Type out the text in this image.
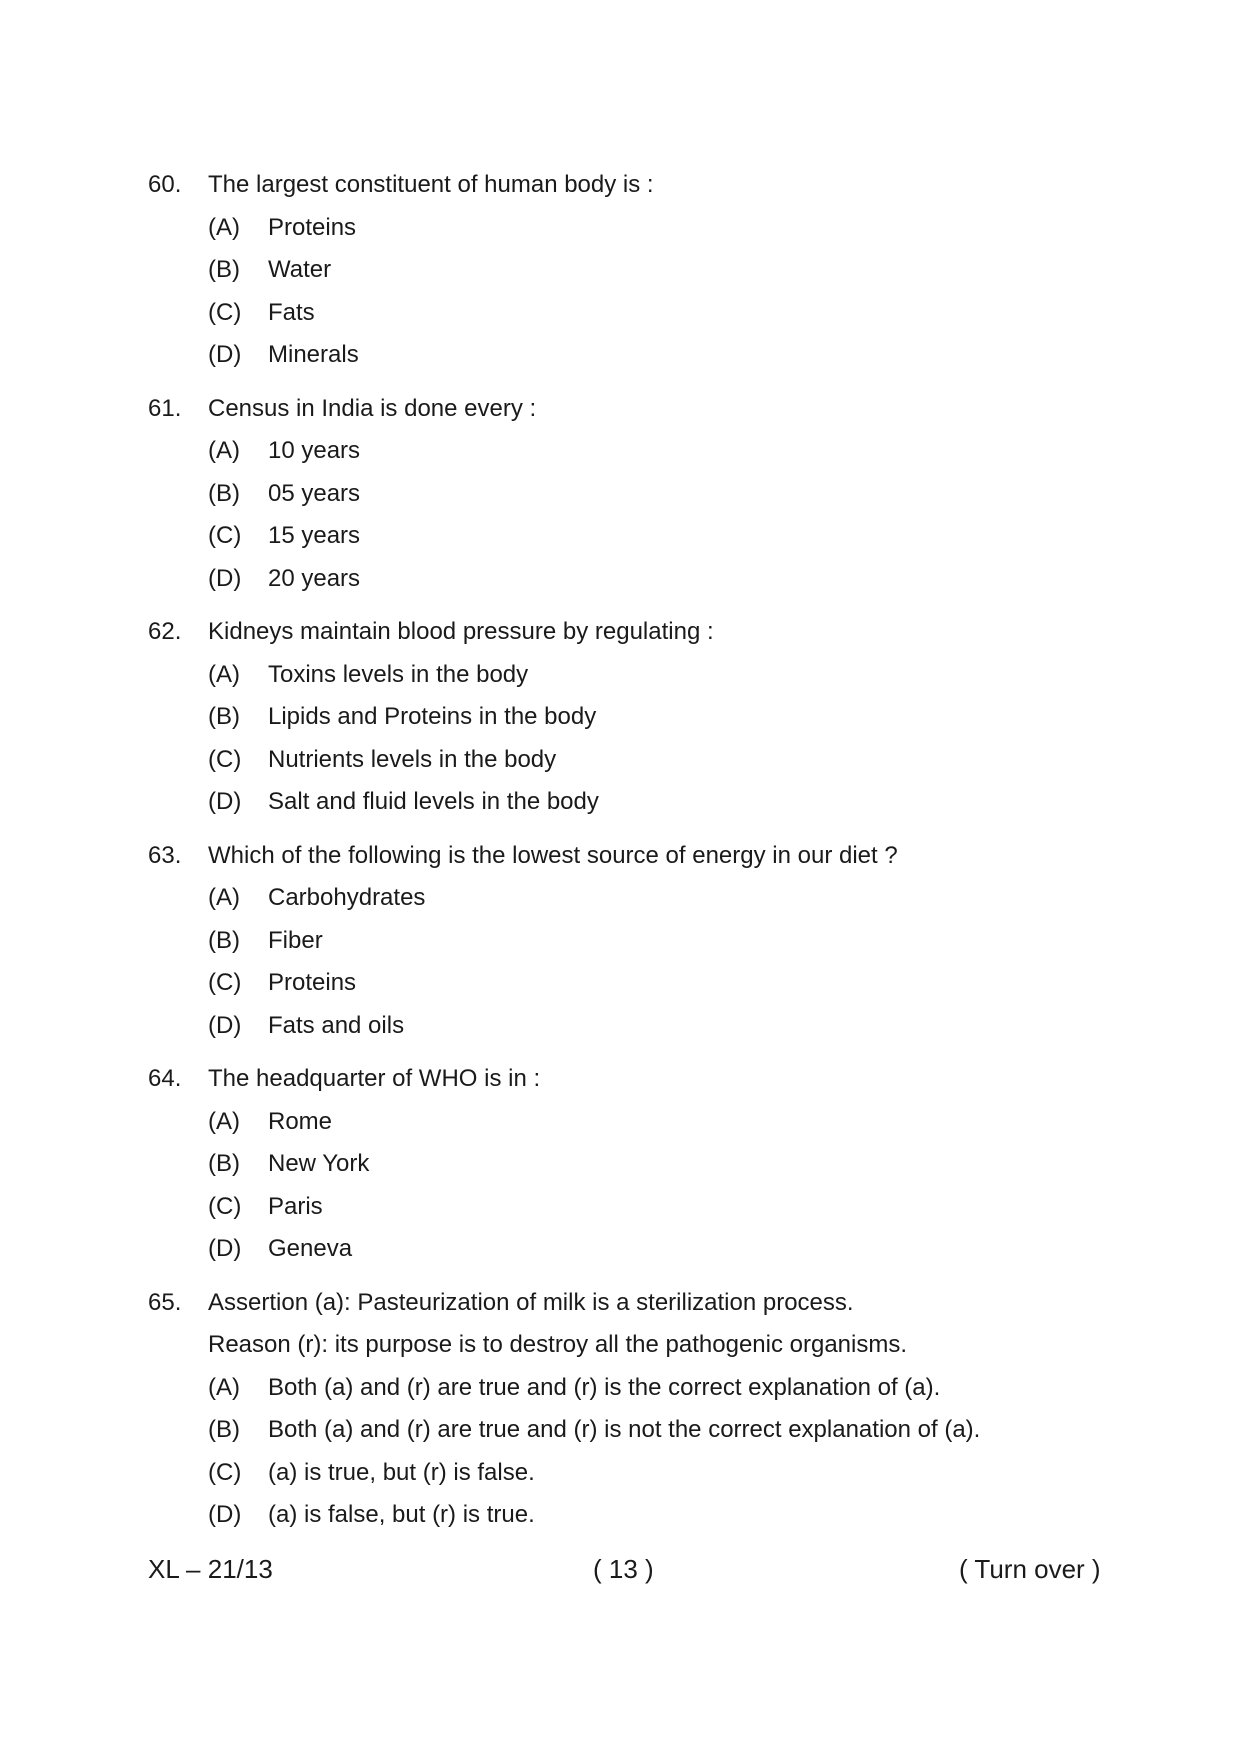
60. The largest constituent of human body is :
(A) Proteins
(B) Water
(C) Fats
(D) Minerals
61. Census in India is done every :
(A) 10 years
(B) 05 years
(C) 15 years
(D) 20 years
62. Kidneys maintain blood pressure by regulating :
(A) Toxins levels in the body
(B) Lipids and Proteins in the body
(C) Nutrients levels in the body
(D) Salt and fluid levels in the body
63. Which of the following is the lowest source of energy in our diet ?
(A) Carbohydrates
(B) Fiber
(C) Proteins
(D) Fats and oils
64. The headquarter of WHO is in :
(A) Rome
(B) New York
(C) Paris
(D) Geneva
65. Assertion (a): Pasteurization of milk is a sterilization process.
Reason (r): its purpose is to destroy all the pathogenic organisms.
(A) Both (a) and (r) are true and (r) is the correct explanation of (a).
(B) Both (a) and (r) are true and (r) is not the correct explanation of (a).
(C) (a) is true, but (r) is false.
(D) (a) is false, but (r) is true.
XL – 21/13	( 13 )	( Turn over )
